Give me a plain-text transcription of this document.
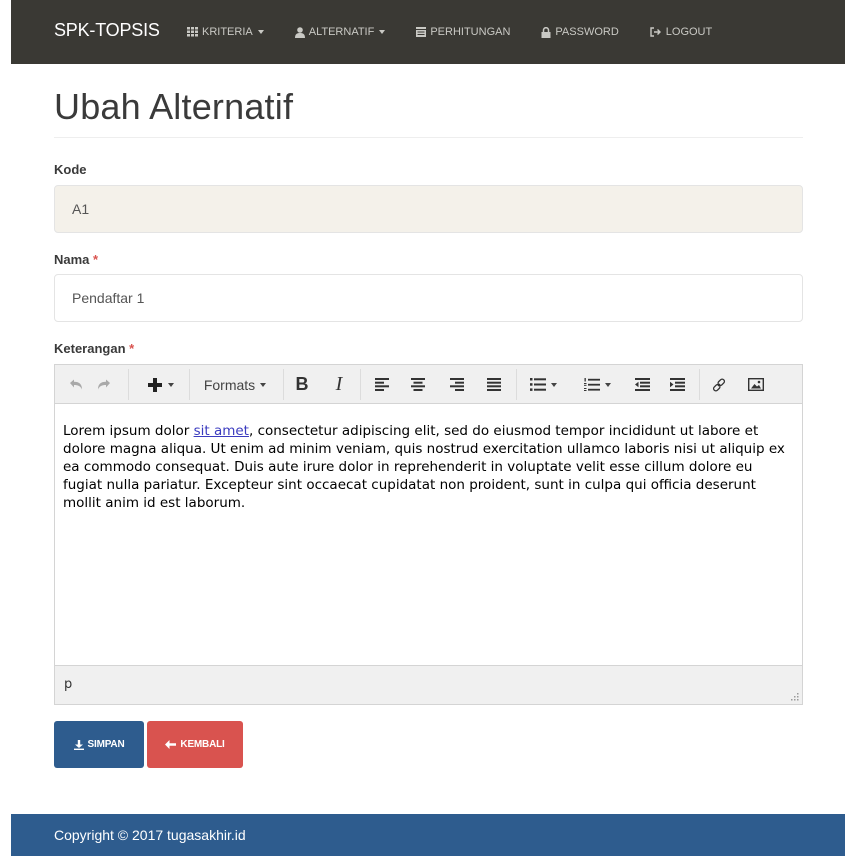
SPK-TOPSIS	KRITERIA	ALTERNATIF	PERHITUNGAN	PASSWORD	LOGOUT
Ubah Alternatif
Kode
A1
Nama *
Pendaftar 1
Keterangan *
Formats B I
Lorem ipsum dolor sit amet, consectetur adipiscing elit, sed do eiusmod tempor incididunt ut labore et dolore magna aliqua. Ut enim ad minim veniam, quis nostrud exercitation ullamco laboris nisi ut aliquip ex ea commodo consequat. Duis aute irure dolor in reprehenderit in voluptate velit esse cillum dolore eu fugiat nulla pariatur. Excepteur sint occaecat cupidatat non proident, sunt in culpa qui officia deserunt mollit anim id est laborum.
p
SIMPAN	KEMBALI
Copyright © 2017 tugasakhir.id
